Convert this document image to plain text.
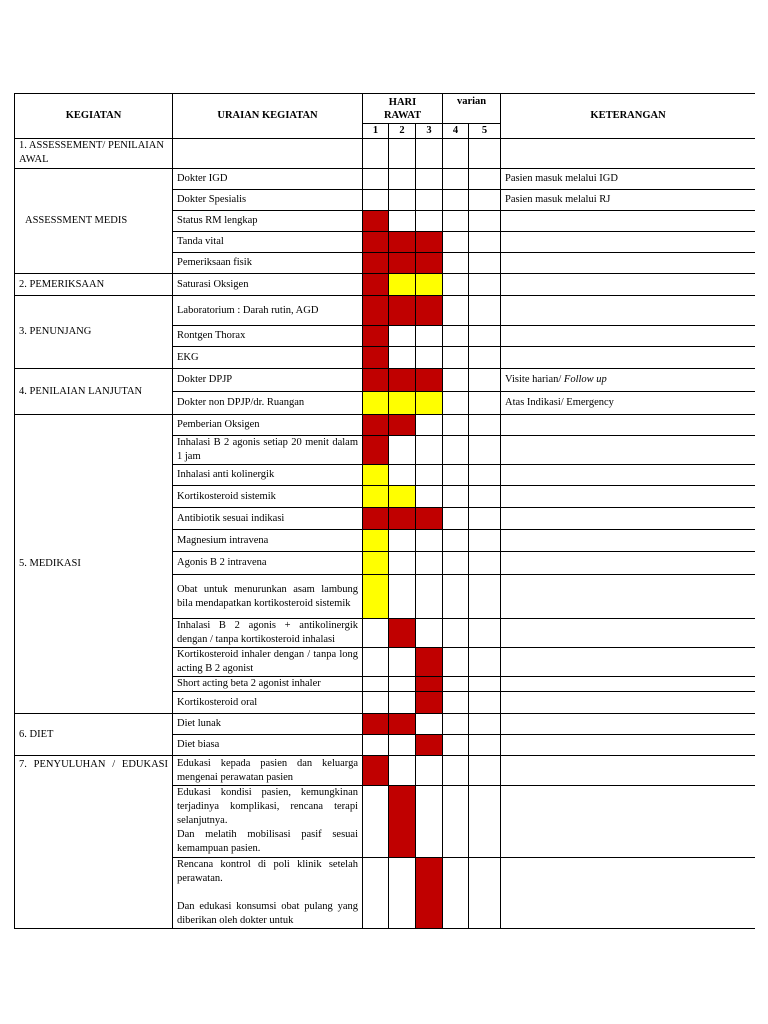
KEGIATAN	URAIAN KEGIATAN	HARI RAWAT			varian		KETERANGAN
		1	2	3	4	5	
1. ASSESSEMENT/ PENILAIAN AWAL							
ASSESSMENT MEDIS	Dokter IGD						Pasien masuk melalui IGD
	Dokter Spesialis						Pasien masuk melalui RJ
	Status RM lengkap						
	Tanda vital						
	Pemeriksaan fisik						
2. PEMERIKSAAN	Saturasi Oksigen						
3. PENUNJANG	Laboratorium : Darah rutin, AGD						
	Rontgen Thorax						
	EKG						
4. PENILAIAN LANJUTAN	Dokter DPJP						Visite harian/ Follow up
	Dokter non DPJP/dr. Ruangan						Atas Indikasi/ Emergency
5. MEDIKASI	Pemberian Oksigen						
	Inhalasi B 2 agonis setiap 20 menit dalam 1 jam						
	Inhalasi anti kolinergik						
	Kortikosteroid sistemik						
	Antibiotik sesuai indikasi						
	Magnesium intravena						
	Agonis B 2 intravena						
	Obat untuk menurunkan asam lambung bila mendapatkan kortikosteroid sistemik						
	Inhalasi B 2 agonis + antikolinergik dengan / tanpa kortikosteroid inhalasi						
	Kortikosteroid inhaler dengan / tanpa long acting B 2 agonist						
	Short acting beta 2 agonist inhaler						
	Kortikosteroid oral						
6. DIET	Diet lunak						
	Diet biasa						

7. PENYULUHAN / EDUKASI	Edukasi kepada pasien dan keluarga mengenai perawatan pasien						
	Edukasi kondisi pasien, kemungkinan terjadinya komplikasi, rencana terapi selanjutnya.
Dan melatih mobilisasi pasif sesuai kemampuan pasien.						
	Rencana kontrol di poli klinik setelah perawatan.

Dan edukasi konsumsi obat pulang yang diberikan oleh dokter untuk						
